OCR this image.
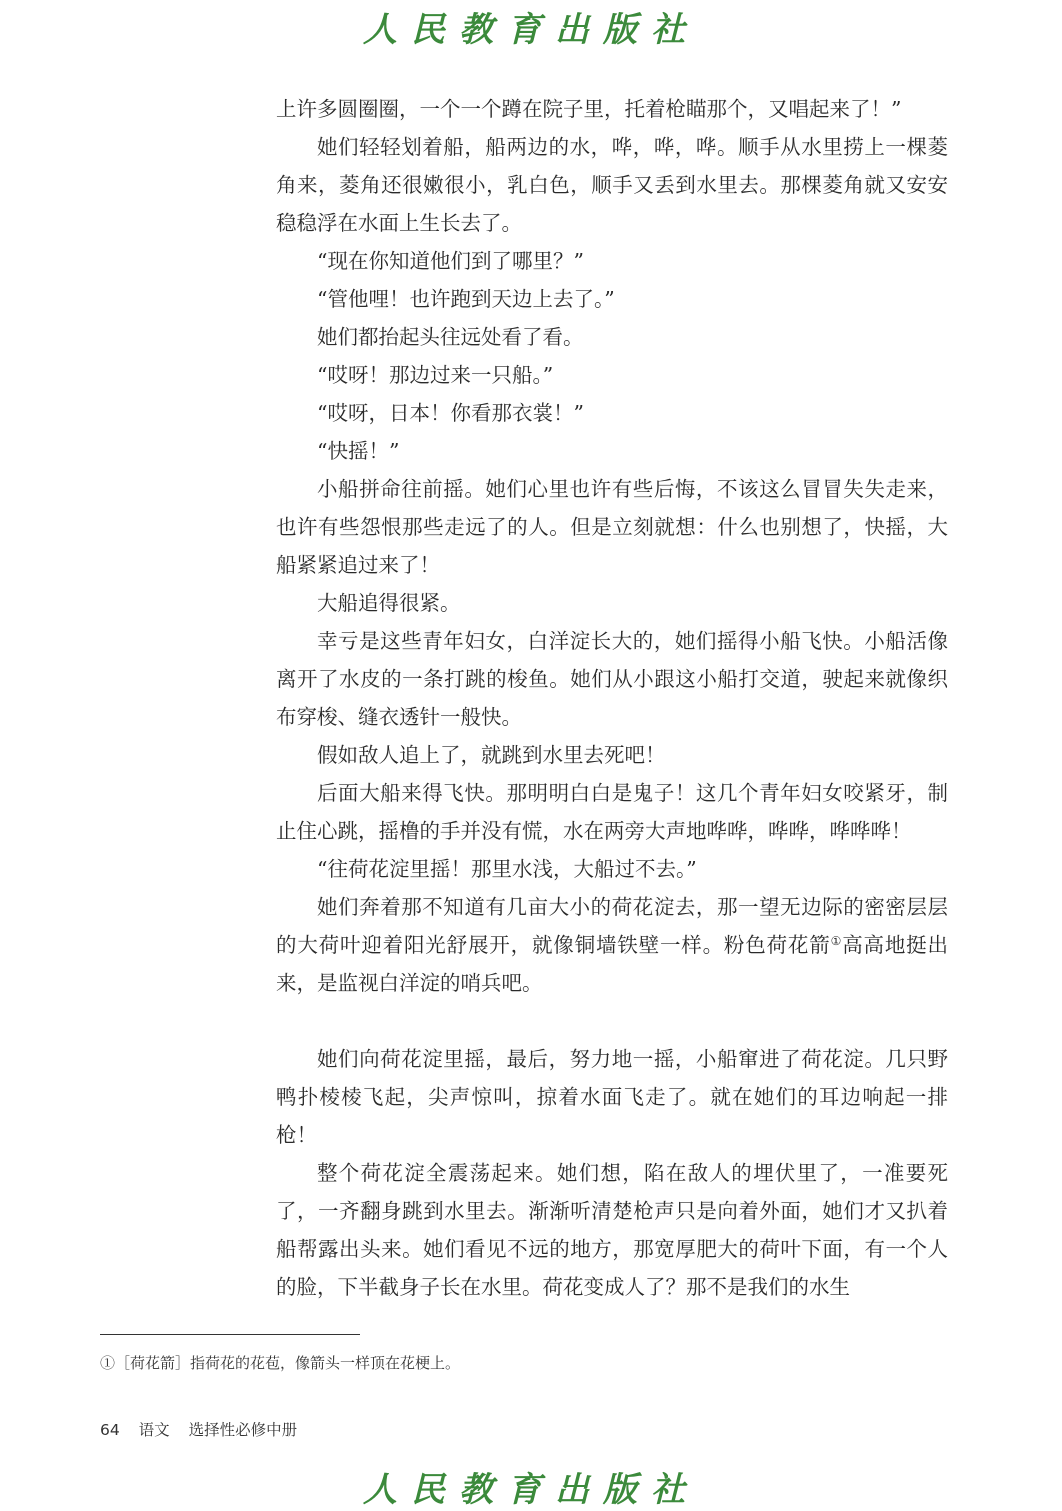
人民教育出版社

上许多圆圈圈，一个一个蹲在院子里，托着枪瞄那个，又唱起来了！”

她们轻轻划着船，船两边的水，哗，哗，哗。顺手从水里捞上一棵菱角来，菱角还很嫩很小，乳白色，顺手又丢到水里去。那棵菱角就又安安稳稳浮在水面上生长去了。

“现在你知道他们到了哪里？”

“管他哩！也许跑到天边上去了。”

她们都抬起头往远处看了看。

“哎呀！那边过来一只船。”

“哎呀，日本！你看那衣裳！”

“快摇！”

小船拼命往前摇。她们心里也许有些后悔，不该这么冒冒失失走来，也许有些怨恨那些走远了的人。但是立刻就想：什么也别想了，快摇，大船紧紧追过来了！

大船追得很紧。

幸亏是这些青年妇女，白洋淀长大的，她们摇得小船飞快。小船活像离开了水皮的一条打跳的梭鱼。她们从小跟这小船打交道，驶起来就像织布穿梭、缝衣透针一般快。

假如敌人追上了，就跳到水里去死吧！

后面大船来得飞快。那明明白白是鬼子！这几个青年妇女咬紧牙，制止住心跳，摇橹的手并没有慌，水在两旁大声地哗哗，哗哗，哗哗哗！

“往荷花淀里摇！那里水浅，大船过不去。”

她们奔着那不知道有几亩大小的荷花淀去，那一望无边际的密密层层的大荷叶迎着阳光舒展开，就像铜墙铁壁一样。粉色荷花箭①高高地挺出来，是监视白洋淀的哨兵吧。

她们向荷花淀里摇，最后，努力地一摇，小船窜进了荷花淀。几只野鸭扑棱棱飞起，尖声惊叫，掠着水面飞走了。就在她们的耳边响起一排枪！

整个荷花淀全震荡起来。她们想，陷在敌人的埋伏里了，一准要死了，一齐翻身跳到水里去。渐渐听清楚枪声只是向着外面，她们才又扒着船帮露出头来。她们看见不远的地方，那宽厚肥大的荷叶下面，有一个人的脸，下半截身子长在水里。荷花变成人了？那不是我们的水生

①［荷花箭］指荷花的花苞，像箭头一样顶在花梗上。
64 语文 选择性必修中册
人民教育出版社
